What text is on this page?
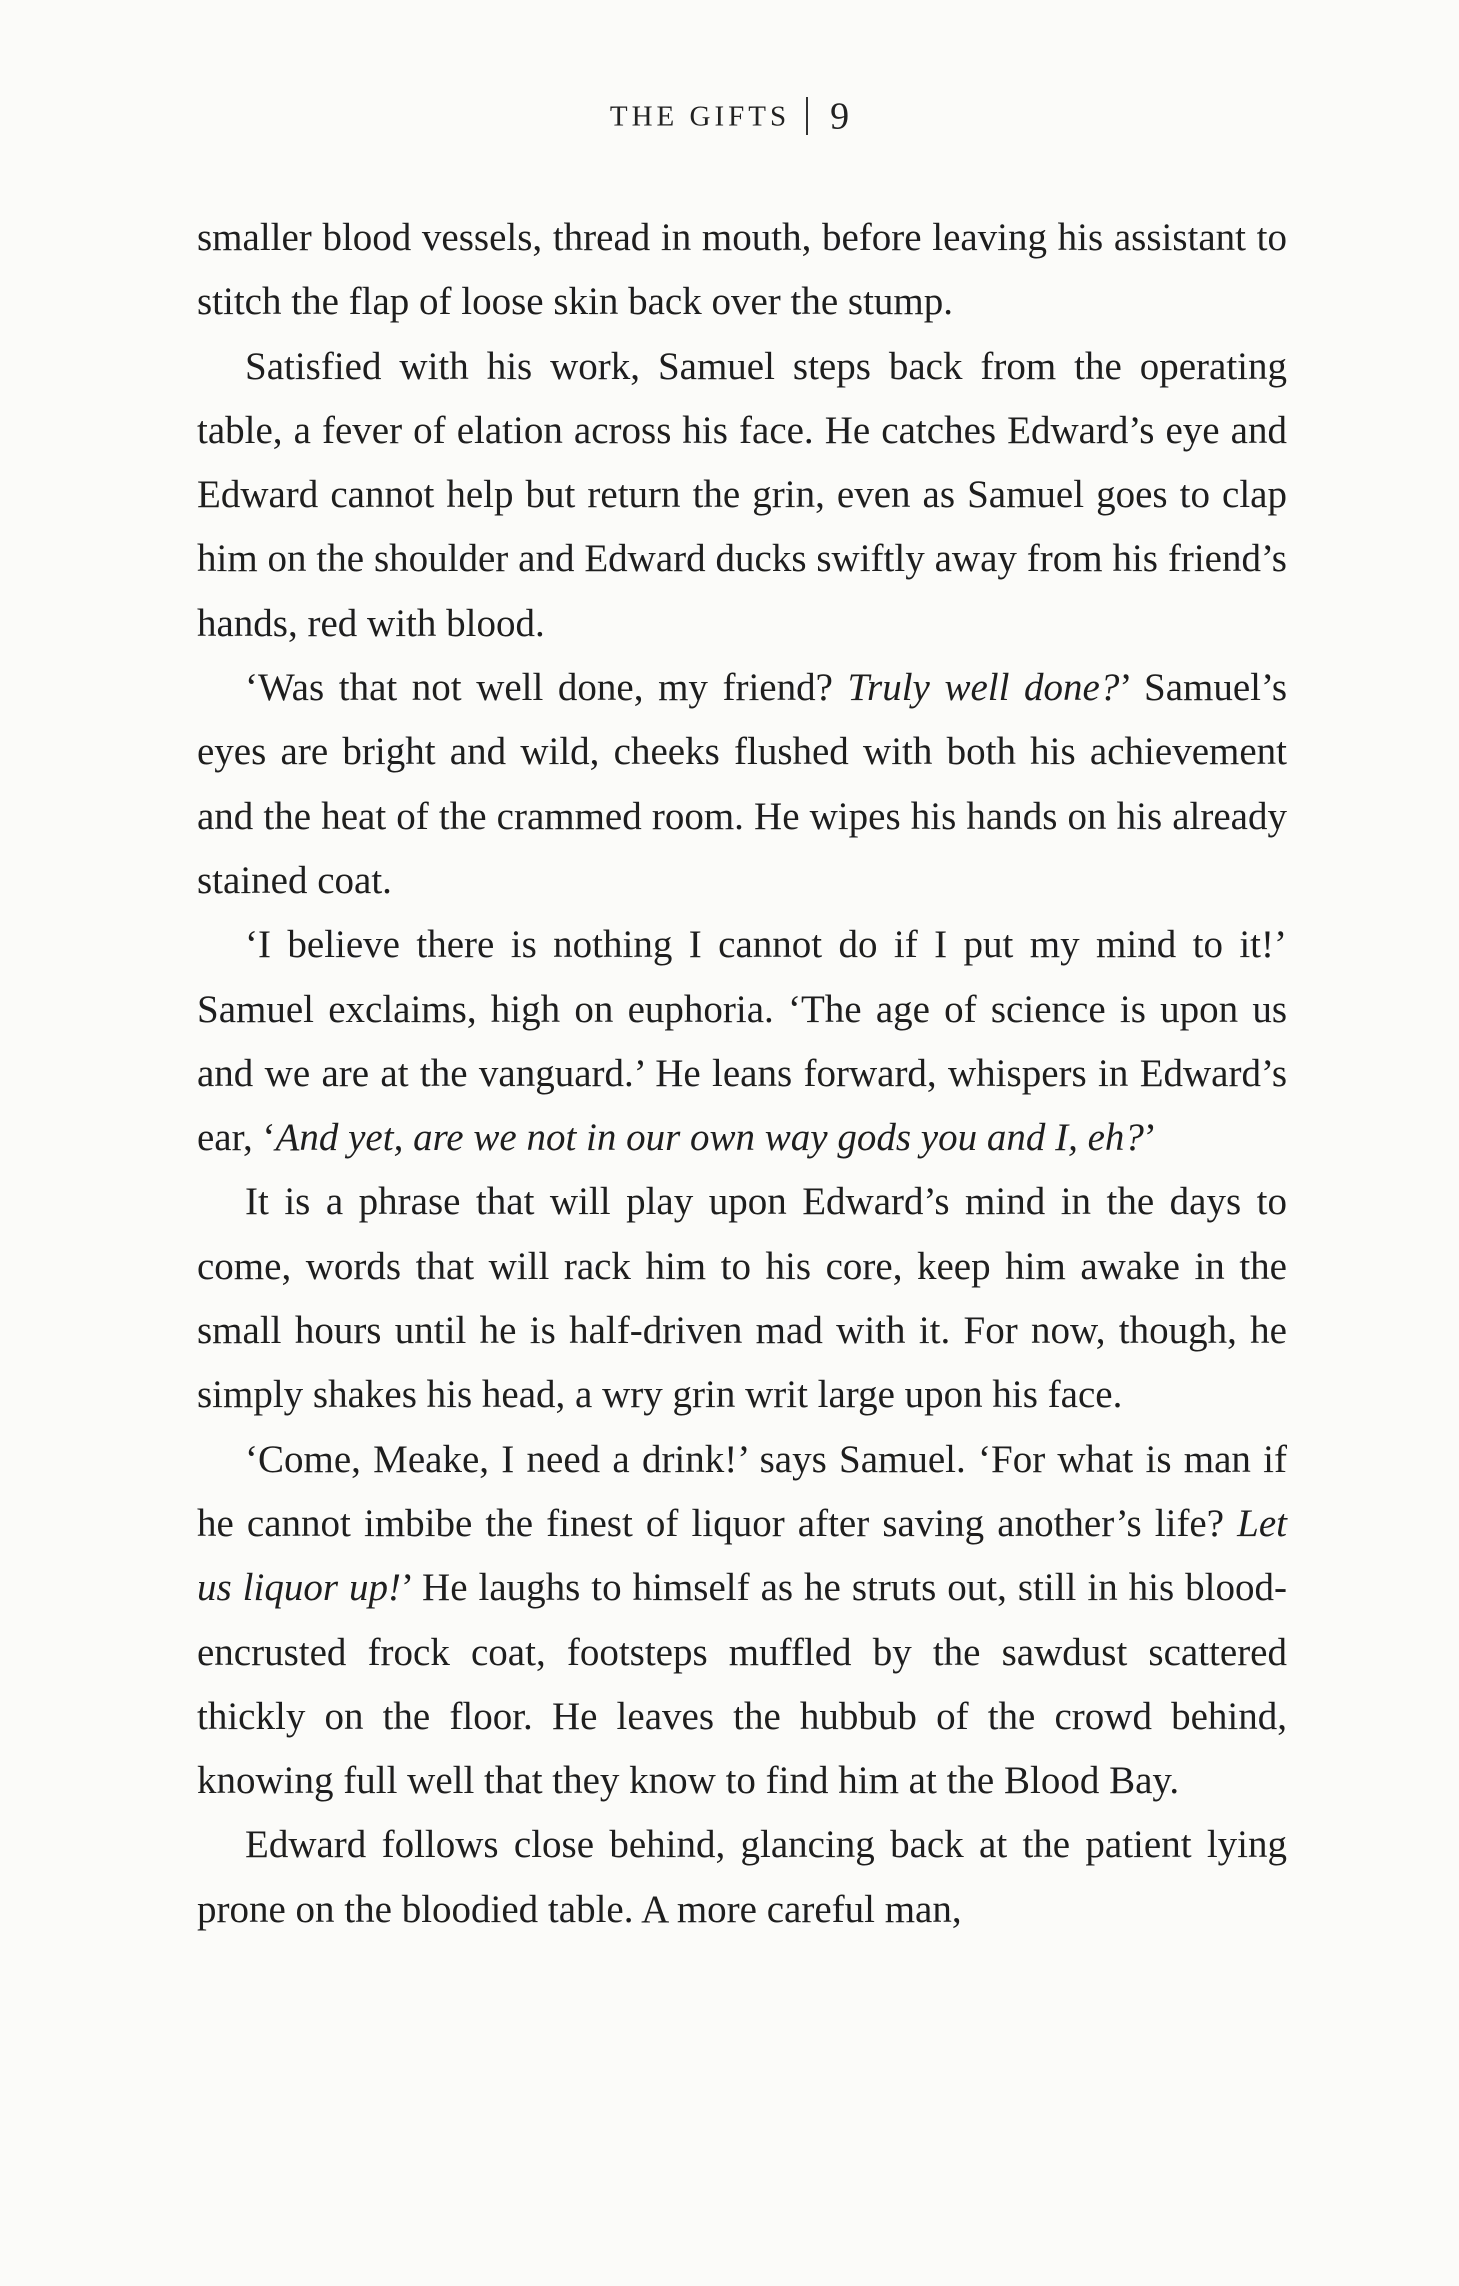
THE GIFTS 9

smaller blood vessels, thread in mouth, before leaving his assistant to stitch the flap of loose skin back over the stump.

Satisfied with his work, Samuel steps back from the operating table, a fever of elation across his face. He catches Edward’s eye and Edward cannot help but return the grin, even as Samuel goes to clap him on the shoulder and Edward ducks swiftly away from his friend’s hands, red with blood.

‘Was that not well done, my friend? Truly well done?’ Samuel’s eyes are bright and wild, cheeks flushed with both his achievement and the heat of the crammed room. He wipes his hands on his already stained coat.

‘I believe there is nothing I cannot do if I put my mind to it!’ Samuel exclaims, high on euphoria. ‘The age of science is upon us and we are at the vanguard.’ He leans forward, whispers in Edward’s ear, ‘And yet, are we not in our own way gods you and I, eh?’

It is a phrase that will play upon Edward’s mind in the days to come, words that will rack him to his core, keep him awake in the small hours until he is half-driven mad with it. For now, though, he simply shakes his head, a wry grin writ large upon his face.

‘Come, Meake, I need a drink!’ says Samuel. ‘For what is man if he cannot imbibe the finest of liquor after saving another’s life? Let us liquor up!’ He laughs to himself as he struts out, still in his blood-encrusted frock coat, footsteps muffled by the sawdust scattered thickly on the floor. He leaves the hubbub of the crowd behind, knowing full well that they know to find him at the Blood Bay.

Edward follows close behind, glancing back at the patient lying prone on the bloodied table. A more careful man,
